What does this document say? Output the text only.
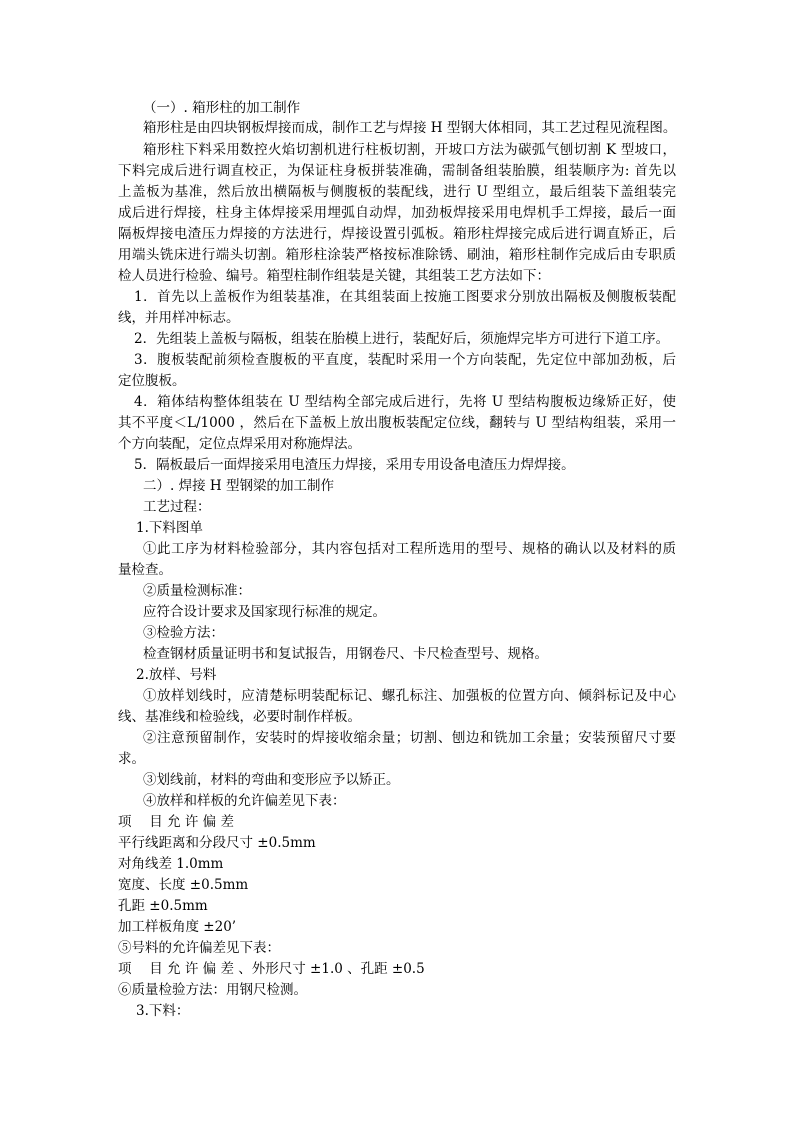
（一）. 箱形柱的加工制作
箱形柱是由四块钢板焊接而成，制作工艺与焊接 H 型钢大体相同，其工艺过程见流程图。
箱形柱下料采用数控火焰切割机进行柱板切割，开坡口方法为碳弧气刨切割 K 型坡口，
下料完成后进行调直校正，为保证柱身板拼装准确，需制备组装胎膜，组装顺序为: 首先以
上盖板为基准，然后放出横隔板与侧腹板的装配线，进行 U 型组立，最后组装下盖组装完
成后进行焊接，柱身主体焊接采用埋弧自动焊，加劲板焊接采用电焊机手工焊接，最后一面
隔板焊接电渣压力焊接的方法进行，焊接设置引弧板。箱形柱焊接完成后进行调直矫正，后
用端头铣床进行端头切割。箱形柱涂装严格按标准除锈、刷油，箱形柱制作完成后由专职质
检人员进行检验、编号。箱型柱制作组装是关键，其组装工艺方法如下：
1．首先以上盖板作为组装基准，在其组装面上按施工图要求分别放出隔板及侧腹板装配
线，并用样冲标志。
2．先组装上盖板与隔板，组装在胎模上进行，装配好后，须施焊完毕方可进行下道工序。
3．腹板装配前须检查腹板的平直度，装配时采用一个方向装配，先定位中部加劲板，后
定位腹板。
4．箱体结构整体组装在 U 型结构全部完成后进行，先将 U 型结构腹板边缘矫正好，使
其不平度＜L/1000 ，然后在下盖板上放出腹板装配定位线，翻转与 U 型结构组装，采用一
个方向装配，定位点焊采用对称施焊法。
5．隔板最后一面焊接采用电渣压力焊接，采用专用设备电渣压力焊焊接。
二）. 焊接 H 型钢梁的加工制作
工艺过程：
1.下料图单
①此工序为材料检验部分，其内容包括对工程所选用的型号、规格的确认以及材料的质
量检查。
②质量检测标准：
应符合设计要求及国家现行标准的规定。
③检验方法：
检查钢材质量证明书和复试报告，用钢卷尺、卡尺检查型号、规格。
2.放样、号料
①放样划线时，应清楚标明装配标记、螺孔标注、加强板的位置方向、倾斜标记及中心
线、基准线和检验线，必要时制作样板。
②注意预留制作，安装时的焊接收缩余量；切割、刨边和铣加工余量；安装预留尺寸要
求。
③划线前，材料的弯曲和变形应予以矫正。
④放样和样板的允许偏差见下表：
项　 目 允 许 偏 差
平行线距离和分段尺寸 ±0.5mm
对角线差 1.0mm
宽度、长度 ±0.5mm
孔距 ±0.5mm
加工样板角度 ±20’
⑤号料的允许偏差见下表：
项　 目 允 许 偏 差 、外形尺寸 ±1.0 、孔距 ±0.5
⑥质量检验方法：用钢尺检测。
3.下料：
